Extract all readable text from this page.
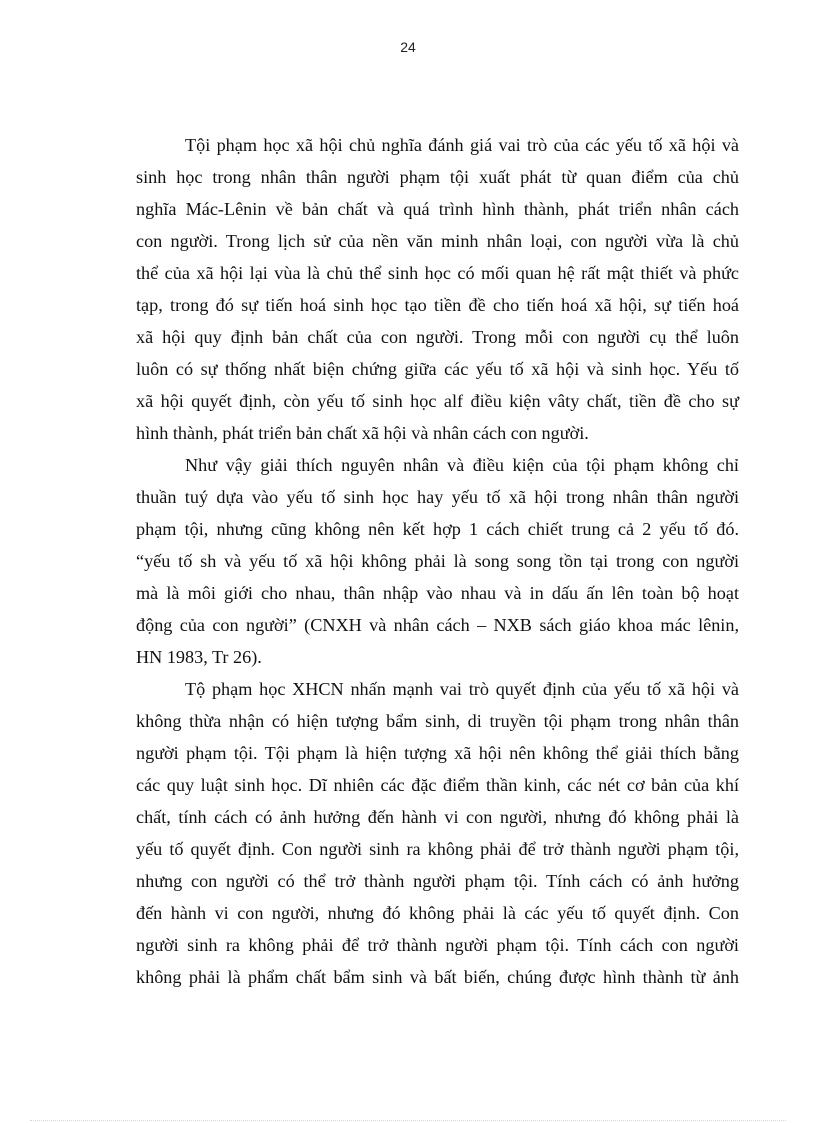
24
Tội phạm học xã hội chủ nghĩa đánh giá vai trò của các yếu tố xã hội và
sinh học trong nhân thân người phạm tội xuất phát từ quan điểm của chủ
nghĩa Mác-Lênin về bản chất và quá trình hình thành, phát triển nhân cách
con người. Trong lịch sử của nền văn minh nhân loại, con người vừa là chủ
thể của xã hội lại vùa là chủ thể sinh học có mối quan hệ rất mật thiết và phức
tạp, trong đó sự tiến hoá sinh học tạo tiền đề cho tiến hoá xã hội, sự tiến hoá
xã hội quy định bản chất của con người. Trong mỗi con người cụ thể luôn
luôn có sự thống nhất biện chứng giữa các yếu tố xã hội và sinh học. Yếu tố
xã hội quyết định, còn yếu tố sinh học alf điều kiện vâty chất, tiền đề cho sự
hình thành, phát triển bản chất xã hội và nhân cách con người.
Như vậy giải thích nguyên nhân và điều kiện của tội phạm không chỉ
thuần tuý dựa vào yếu tố sinh học hay yếu tố xã hội trong nhân thân người
phạm tội, nhưng cũng không nên kết hợp 1 cách chiết trung cả 2 yếu tố đó.
“yếu tố sh và yếu tố xã hội không phải là song song tồn tại trong con người
mà là môi giới cho nhau, thân nhập vào nhau và in dấu ấn lên toàn bộ hoạt
động của con người” (CNXH và nhân cách – NXB sách giáo khoa mác lênin,
HN 1983, Tr 26).
Tộ phạm học XHCN nhấn mạnh vai trò quyết định của yếu tố xã hội và
không thừa nhận có hiện tượng bẩm sinh, di truyền tội phạm trong nhân thân
người phạm tội. Tội phạm là hiện tượng xã hội nên không thể giải thích bằng
các quy luật sinh học. Dĩ nhiên các đặc điểm thần kinh, các nét cơ bản của khí
chất, tính cách có ảnh hưởng đến hành vi con người, nhưng đó không phải là
yếu tố quyết định. Con người sinh ra không phải để trở thành người phạm tội,
nhưng con người có thể trở thành người phạm tội. Tính cách có ảnh hưởng
đến hành vi con người, nhưng đó không phải là các yếu tố quyết định. Con
người sinh ra không phải để trở thành người phạm tội. Tính cách con người
không phải là phẩm chất bẩm sinh và bất biến, chúng được hình thành từ ảnh
